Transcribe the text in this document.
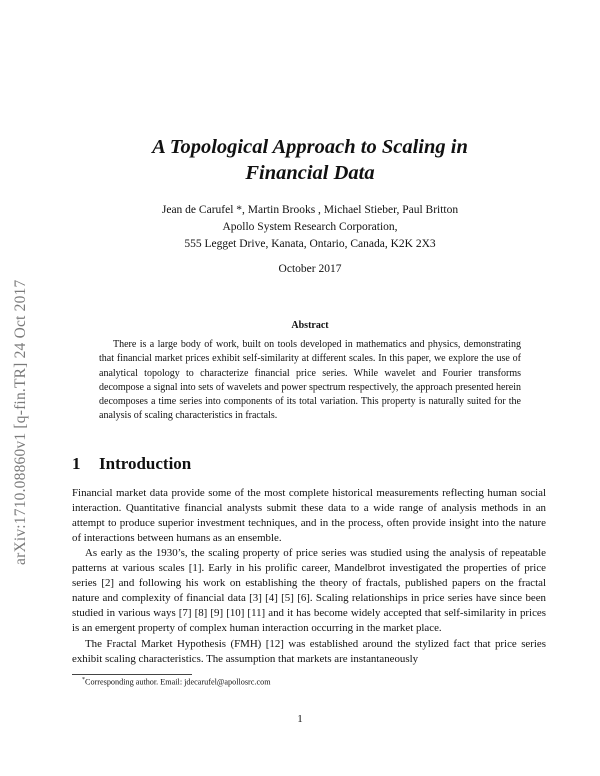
arXiv:1710.08860v1 [q-fin.TR] 24 Oct 2017
A Topological Approach to Scaling in
Financial Data
Jean de Carufel *, Martin Brooks , Michael Stieber, Paul Britton
Apollo System Research Corporation,
555 Legget Drive, Kanata, Ontario, Canada, K2K 2X3
October 2017
Abstract

There is a large body of work, built on tools developed in mathematics and physics, demonstrating that financial market prices exhibit self-similarity at different scales. In this paper, we explore the use of analytical topology to characterize financial price series. While wavelet and Fourier transforms decompose a signal into sets of wavelets and power spectrum respectively, the approach presented herein decomposes a time series into components of its total variation. This property is naturally suited for the analysis of scaling characteristics in fractals.

1 Introduction

Financial market data provide some of the most complete historical measurements reflecting human social interaction. Quantitative financial analysts submit these data to a wide range of analysis methods in an attempt to produce superior investment techniques, and in the process, often provide insight into the nature of interactions between humans as an ensemble.

As early as the 1930’s, the scaling property of price series was studied using the analysis of repeatable patterns at various scales [1]. Early in his prolific career, Mandelbrot investigated the properties of price series [2] and following his work on establishing the theory of fractals, published papers on the fractal nature and complexity of financial data [3] [4] [5] [6]. Scaling relationships in price series have since been studied in various ways [7] [8] [9] [10] [11] and it has become widely accepted that self-similarity in prices is an emergent property of complex human interaction occurring in the market place.

The Fractal Market Hypothesis (FMH) [12] was established around the stylized fact that price series exhibit scaling characteristics. The assumption that markets are instantaneously

*Corresponding author. Email: jdecarufel@apollosrc.com
1
